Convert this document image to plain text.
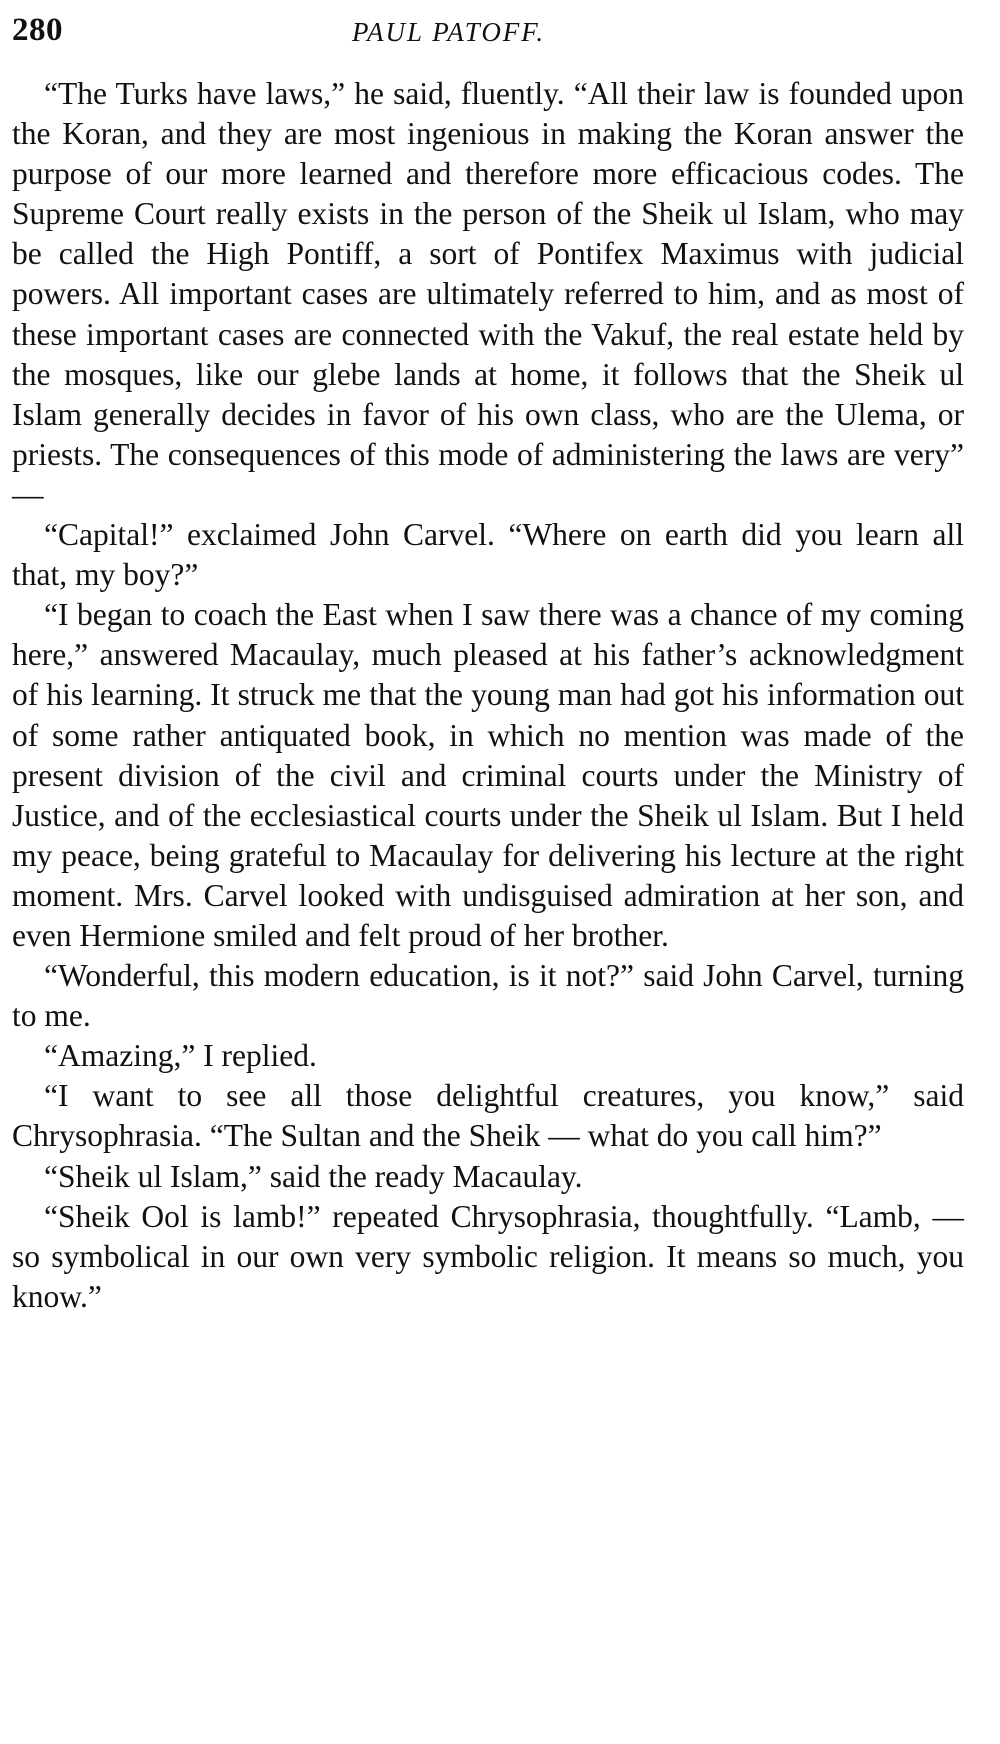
280	PAUL PATOFF.

“The Turks have laws,” he said, fluently. “All their law is founded upon the Koran, and they are most ingenious in making the Koran answer the purpose of our more learned and therefore more efficacious codes. The Supreme Court really exists in the person of the Sheik ul Islam, who may be called the High Pontiff, a sort of Pontifex Maximus with judicial powers. All important cases are ultimately referred to him, and as most of these important cases are connected with the Vakuf, the real estate held by the mosques, like our glebe lands at home, it follows that the Sheik ul Islam generally decides in favor of his own class, who are the Ulema, or priests. The consequences of this mode of administering the laws are very” —

“Capital!” exclaimed John Carvel. “Where on earth did you learn all that, my boy?”

“I began to coach the East when I saw there was a chance of my coming here,” answered Macaulay, much pleased at his father’s acknowledgment of his learning. It struck me that the young man had got his information out of some rather antiquated book, in which no mention was made of the present division of the civil and criminal courts under the Ministry of Justice, and of the ecclesiastical courts under the Sheik ul Islam. But I held my peace, being grateful to Macaulay for delivering his lecture at the right moment. Mrs. Carvel looked with undisguised admiration at her son, and even Hermione smiled and felt proud of her brother.

“Wonderful, this modern education, is it not?” said John Carvel, turning to me.

“Amazing,” I replied.

“I want to see all those delightful creatures, you know,” said Chrysophrasia. “The Sultan and the Sheik — what do you call him?”

“Sheik ul Islam,” said the ready Macaulay.

“Sheik Ool is lamb!” repeated Chrysophrasia, thoughtfully. “Lamb, — so symbolical in our own very symbolic religion. It means so much, you know.”
